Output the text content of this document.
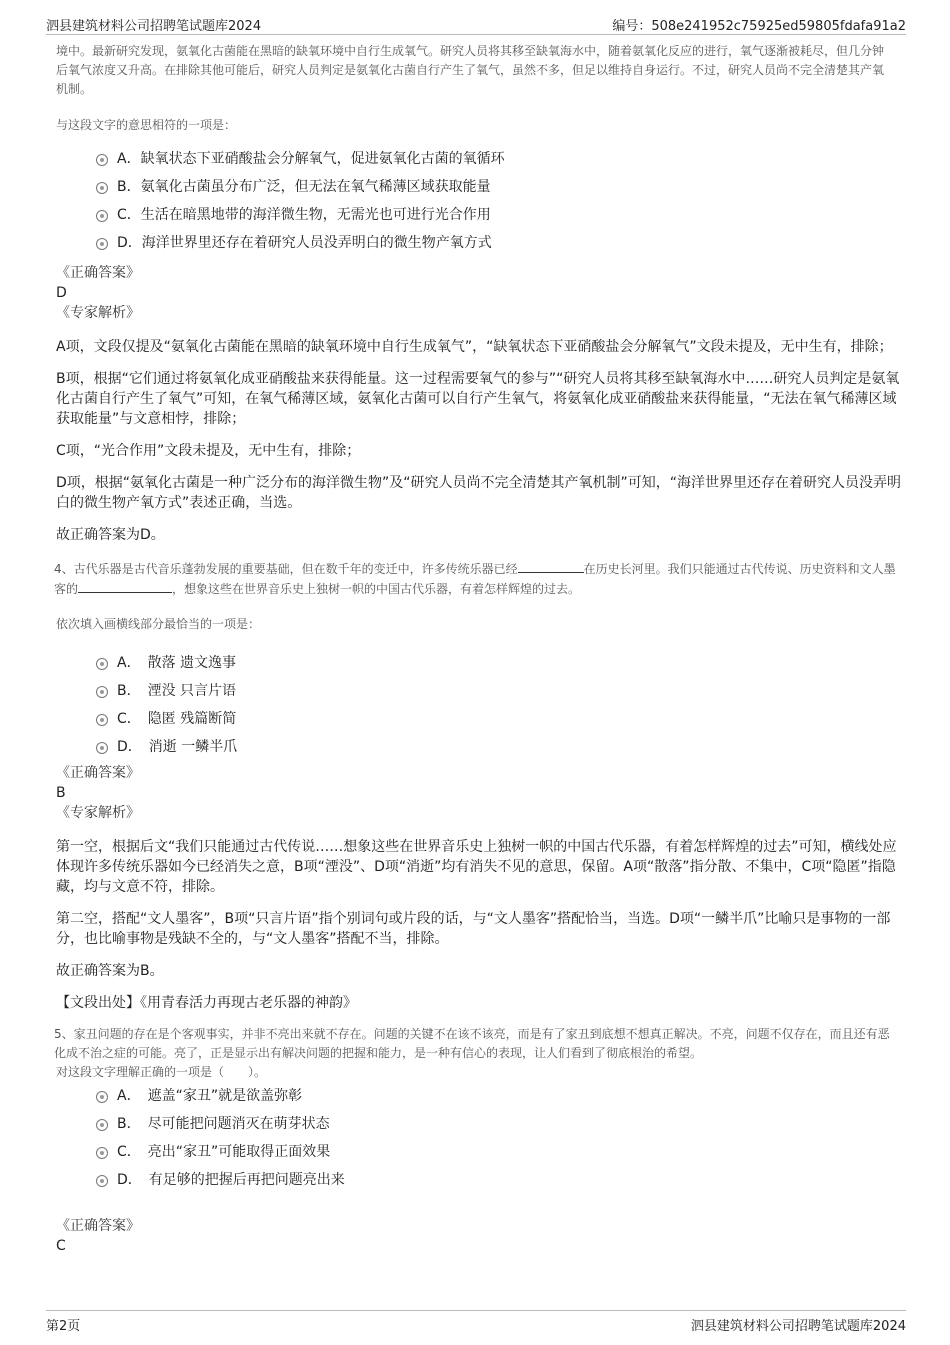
泗县建筑材料公司招聘笔试题库2024	编号：508e241952c75925ed59805fdafa91a2

境中。最新研究发现，氨氧化古菌能在黑暗的缺氧环境中自行生成氧气。研究人员将其移至缺氧海水中，随着氨氧化反应的进行，氧气逐渐被耗尽，但几分钟后氧气浓度又升高。在排除其他可能后，研究人员判定是氨氧化古菌自行产生了氧气，虽然不多，但足以维持自身运行。不过，研究人员尚不完全清楚其产氧机制。

与这段文字的意思相符的一项是：

A．缺氧状态下亚硝酸盐会分解氧气，促进氨氧化古菌的氧循环
B．氨氧化古菌虽分布广泛，但无法在氧气稀薄区域获取能量
C．生活在暗黑地带的海洋微生物，无需光也可进行光合作用
D．海洋世界里还存在着研究人员没弄明白的微生物产氧方式

《正确答案》

D

《专家解析》

A项，文段仅提及“氨氧化古菌能在黑暗的缺氧环境中自行生成氧气”，“缺氧状态下亚硝酸盐会分解氧气”文段未提及，无中生有，排除；

B项，根据“它们通过将氨氧化成亚硝酸盐来获得能量。这一过程需要氧气的参与”“研究人员将其移至缺氧海水中……研究人员判定是氨氧化古菌自行产生了氧气”可知，在氧气稀薄区域，氨氧化古菌可以自行产生氧气，将氨氧化成亚硝酸盐来获得能量，“无法在氧气稀薄区域获取能量”与文意相悖，排除；

C项，“光合作用”文段未提及，无中生有，排除；

D项，根据“氨氧化古菌是一种广泛分布的海洋微生物”及“研究人员尚不完全清楚其产氧机制”可知，“海洋世界里还存在着研究人员没弄明白的微生物产氧方式”表述正确，当选。

故正确答案为D。

4、古代乐器是古代音乐蓬勃发展的重要基础，但在数千年的变迁中，许多传统乐器已经	在历史长河里。我们只能通过古代传说、历史资料和文人墨客的	，想象这些在世界音乐史上独树一帜的中国古代乐器，有着怎样辉煌的过去。

依次填入画横线部分最恰当的一项是：

A．　散落 遗文逸事
B．　湮没 只言片语
C．　隐匿 残篇断简
D．　消逝 一鳞半爪

《正确答案》

B

《专家解析》

第一空，根据后文“我们只能通过古代传说……想象这些在世界音乐史上独树一帜的中国古代乐器，有着怎样辉煌的过去”可知，横线处应体现许多传统乐器如今已经消失之意，B项“湮没”、D项“消逝”均有消失不见的意思，保留。A项“散落”指分散、不集中，C项“隐匿”指隐藏，均与文意不符，排除。

第二空，搭配“文人墨客”，B项“只言片语”指个别词句或片段的话，与“文人墨客”搭配恰当，当选。D项“一鳞半爪”比喻只是事物的一部分，也比喻事物是残缺不全的，与“文人墨客”搭配不当，排除。

故正确答案为B。

【文段出处】《用青春活力再现古老乐器的神韵》

5、家丑问题的存在是个客观事实，并非不亮出来就不存在。问题的关键不在该不该亮，而是有了家丑到底想不想真正解决。不亮，问题不仅存在，而且还有恶化成不治之症的可能。亮了，正是显示出有解决问题的把握和能力，是一种有信心的表现，让人们看到了彻底根治的希望。

对这段文字理解正确的一项是（　　）。

A．　遮盖“家丑”就是欲盖弥彰
B．　尽可能把问题消灭在萌芽状态
C．　亮出“家丑”可能取得正面效果
D．　有足够的把握后再把问题亮出来

《正确答案》

C

第2页	泗县建筑材料公司招聘笔试题库2024
